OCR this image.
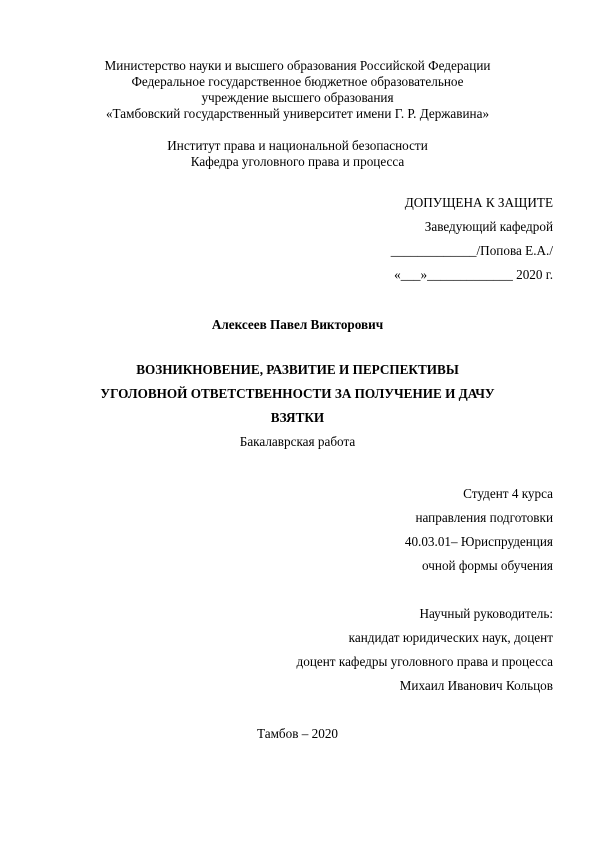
Министерство науки и высшего образования Российской Федерации
Федеральное государственное бюджетное образовательное
учреждение высшего образования
«Тамбовский государственный университет имени Г. Р. Державина»
Институт права и национальной безопасности
Кафедра уголовного права и процесса
ДОПУЩЕНА К ЗАЩИТЕ
Заведующий кафедрой
_____________/Попова Е.А./
«___»_____________ 2020 г.
Алексеев Павел Викторович
ВОЗНИКНОВЕНИЕ, РАЗВИТИЕ И ПЕРСПЕКТИВЫ
УГОЛОВНОЙ ОТВЕТСТВЕННОСТИ ЗА ПОЛУЧЕНИЕ И ДАЧУ
ВЗЯТКИ
Бакалаврская работа
Студент 4 курса
направления подготовки
40.03.01– Юриспруденция
очной формы обучения
Научный руководитель:
кандидат юридических наук, доцент
доцент кафедры уголовного права и процесса
Михаил Иванович Кольцов
Тамбов – 2020
